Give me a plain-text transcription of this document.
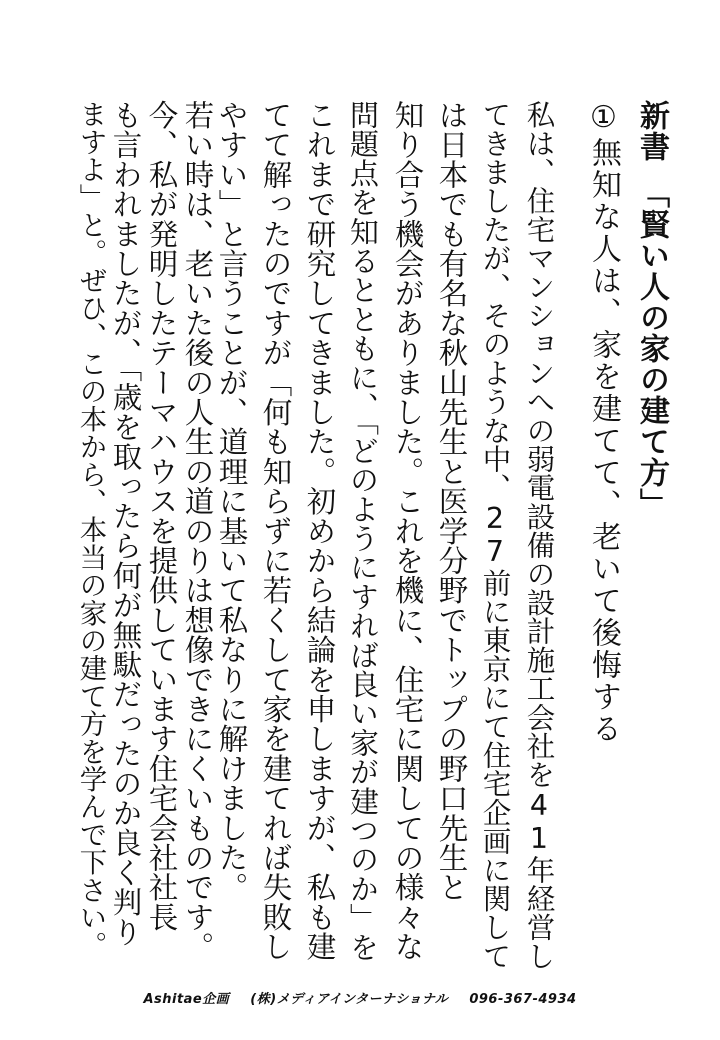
新書　「賢い人の家の建て方」
①無知な人は、家を建てて、老いて後悔する
私は、住宅マンションへの弱電設備の設計施工会社を41年経営し
てきましたが、そのような中、27前に東京にて住宅企画に関して
は日本でも有名な秋山先生と医学分野でトップの野口先生と
知り合う機会がありました。これを機に、住宅に関しての様々な
問題点を知るとともに、「どのようにすれば良い家が建つのか」を
これまで研究してきました。初めから結論を申しますが、私も建
てて解ったのですが「何も知らずに若くして家を建てれば失敗し
やすい」と言うことが、道理に基いて私なりに解けました。
若い時は、老いた後の人生の道のりは想像できにくいものです。
今、私が発明したテーマハウスを提供しています住宅会社社長
も言われましたが、「歳を取ったら何が無駄だったのか良く判り
ますよ」と。ぜひ、この本から、本当の家の建て方を学んで下さい。
Ashitae企画 (株)メディアインターナショナル 096-367-4934
